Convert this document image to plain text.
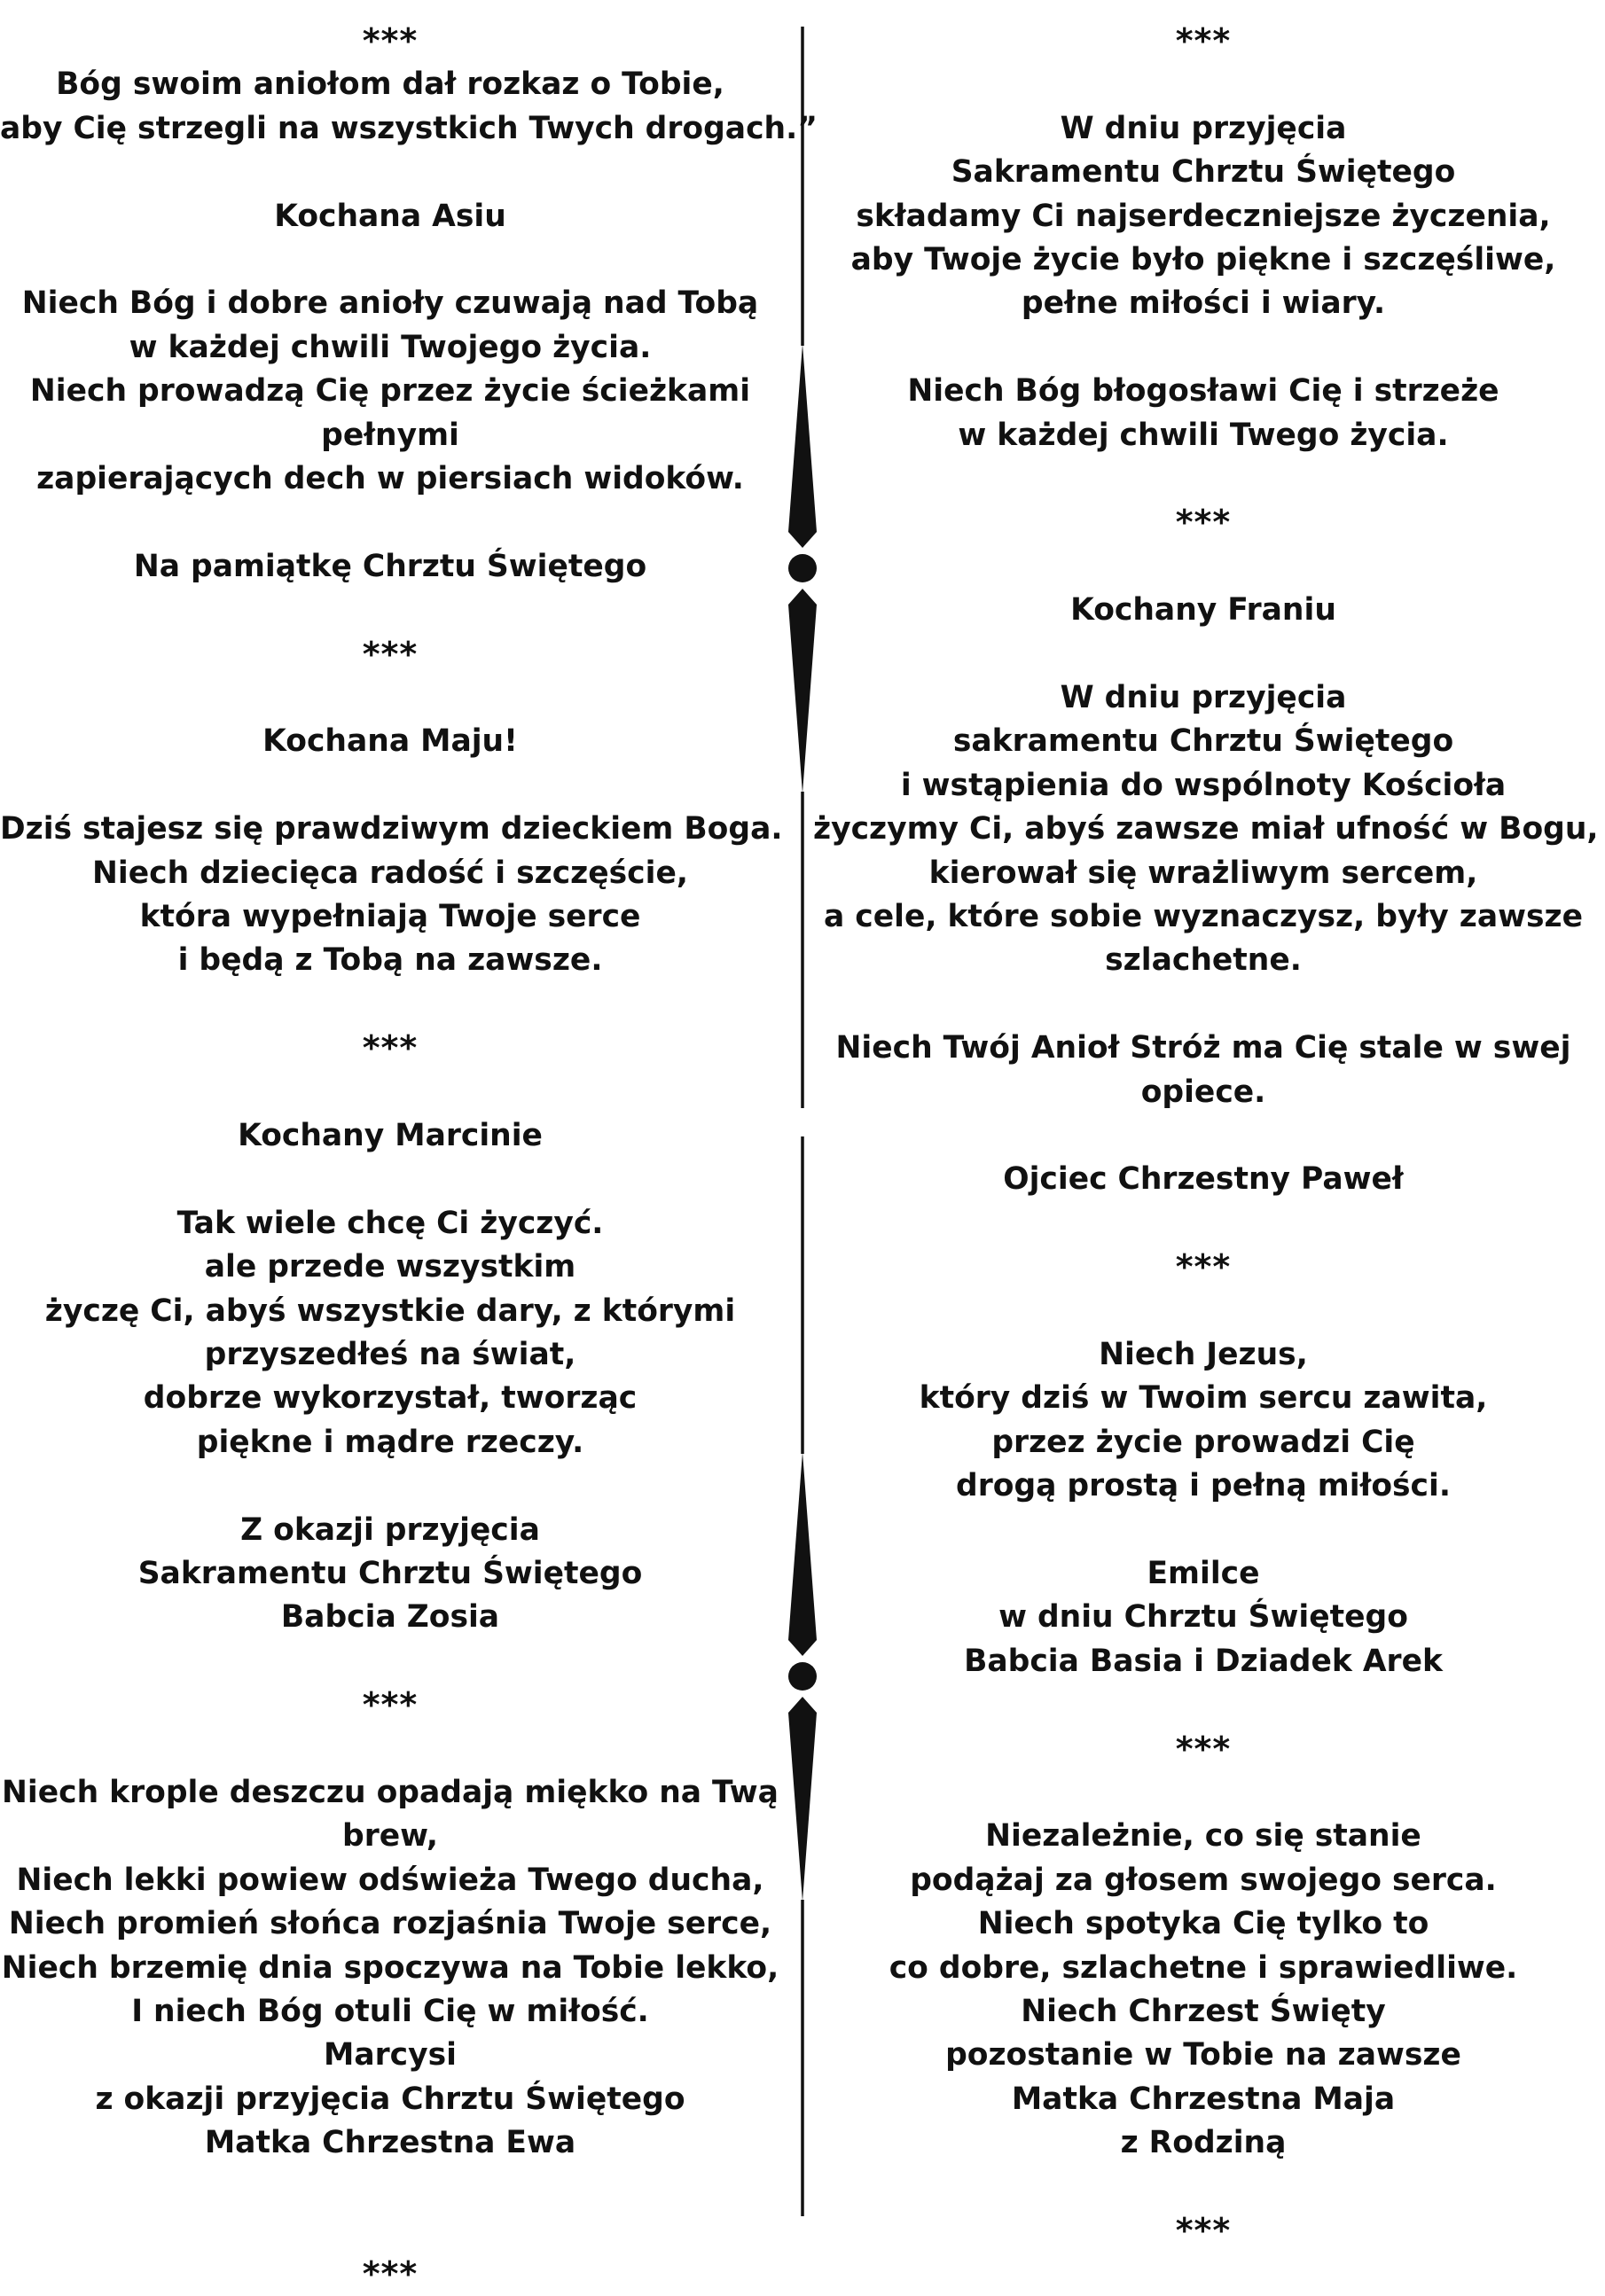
***
Bóg swoim aniołom dał rozkaz o Tobie,
aby Cię strzegli na wszystkich Twych drogach.”
Kochana Asiu
Niech Bóg i dobre anioły czuwają nad Tobą
w każdej chwili Twojego życia.
Niech prowadzą Cię przez życie ścieżkami
pełnymi
zapierających dech w piersiach widoków.
Na pamiątkę Chrztu Świętego
***
Kochana Maju!
Dziś stajesz się prawdziwym dzieckiem Boga.
Niech dziecięca radość i szczęście,
która wypełniają Twoje serce
i będą z Tobą na zawsze.
***
Kochany Marcinie
Tak wiele chcę Ci życzyć.
ale przede wszystkim
życzę Ci, abyś wszystkie dary, z którymi
przyszedłeś na świat,
dobrze wykorzystał, tworząc
piękne i mądre rzeczy.
Z okazji przyjęcia
Sakramentu Chrztu Świętego
Babcia Zosia
***
Niech krople deszczu opadają miękko na Twą
brew,
Niech lekki powiew odświeża Twego ducha,
Niech promień słońca rozjaśnia Twoje serce,
Niech brzemię dnia spoczywa na Tobie lekko,
I niech Bóg otuli Cię w miłość.
Marcysi
z okazji przyjęcia Chrztu Świętego
Matka Chrzestna Ewa
***
***
W dniu przyjęcia
Sakramentu Chrztu Świętego
składamy Ci najserdeczniejsze życzenia,
aby Twoje życie było piękne i szczęśliwe,
pełne miłości i wiary.
Niech Bóg błogosławi Cię i strzeże
w każdej chwili Twego życia.
***
Kochany Franiu
W dniu przyjęcia
sakramentu Chrztu Świętego
i wstąpienia do wspólnoty Kościoła
życzymy Ci, abyś zawsze miał ufność w Bogu,
kierował się wrażliwym sercem,
a cele, które sobie wyznaczysz, były zawsze
szlachetne.
Niech Twój Anioł Stróż ma Cię stale w swej
opiece.
Ojciec Chrzestny Paweł
***
Niech Jezus,
który dziś w Twoim sercu zawita,
przez życie prowadzi Cię
drogą prostą i pełną miłości.
Emilce
w dniu Chrztu Świętego
Babcia Basia i Dziadek Arek
***
Niezależnie, co się stanie
podążaj za głosem swojego serca.
Niech spotyka Cię tylko to
co dobre, szlachetne i sprawiedliwe.
Niech Chrzest Święty
pozostanie w Tobie na zawsze
Matka Chrzestna Maja
z Rodziną
***
